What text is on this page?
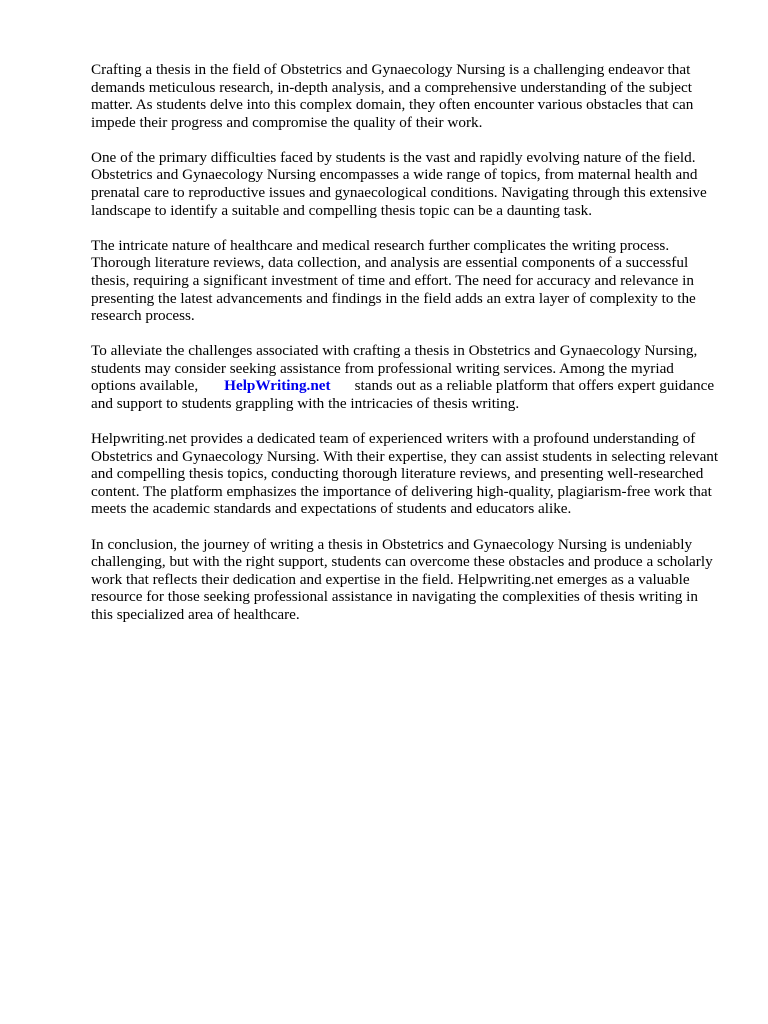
Crafting a thesis in the field of Obstetrics and Gynaecology Nursing is a challenging endeavor that demands meticulous research, in-depth analysis, and a comprehensive understanding of the subject matter. As students delve into this complex domain, they often encounter various obstacles that can impede their progress and compromise the quality of their work.

One of the primary difficulties faced by students is the vast and rapidly evolving nature of the field. Obstetrics and Gynaecology Nursing encompasses a wide range of topics, from maternal health and prenatal care to reproductive issues and gynaecological conditions. Navigating through this extensive landscape to identify a suitable and compelling thesis topic can be a daunting task.

The intricate nature of healthcare and medical research further complicates the writing process. Thorough literature reviews, data collection, and analysis are essential components of a successful thesis, requiring a significant investment of time and effort. The need for accuracy and relevance in presenting the latest advancements and findings in the field adds an extra layer of complexity to the research process.

To alleviate the challenges associated with crafting a thesis in Obstetrics and Gynaecology Nursing, students may consider seeking assistance from professional writing services. Among the myriad options available, HelpWriting.net stands out as a reliable platform that offers expert guidance and support to students grappling with the intricacies of thesis writing.

Helpwriting.net provides a dedicated team of experienced writers with a profound understanding of Obstetrics and Gynaecology Nursing. With their expertise, they can assist students in selecting relevant and compelling thesis topics, conducting thorough literature reviews, and presenting well-researched content. The platform emphasizes the importance of delivering high-quality, plagiarism-free work that meets the academic standards and expectations of students and educators alike.

In conclusion, the journey of writing a thesis in Obstetrics and Gynaecology Nursing is undeniably challenging, but with the right support, students can overcome these obstacles and produce a scholarly work that reflects their dedication and expertise in the field. Helpwriting.net emerges as a valuable resource for those seeking professional assistance in navigating the complexities of thesis writing in this specialized area of healthcare.
